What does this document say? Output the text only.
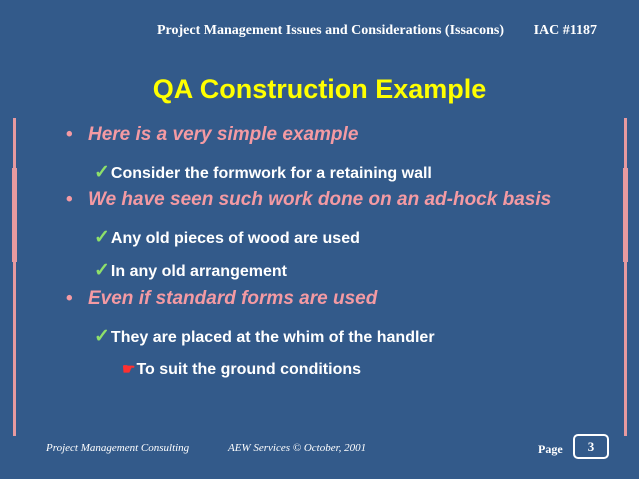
Project Management Issues and Considerations (Issacons) IAC #1187
QA Construction Example
• Here is a very simple example
✓Consider the formwork for a retaining wall
• We have seen such work done on an ad-hock basis
✓Any old pieces of wood are used
✓In any old arrangement
• Even if standard forms are used
✓They are placed at the whim of the handler
☛To suit the ground conditions
Project Management Consulting	AEW Services © October, 2001	Page	3
